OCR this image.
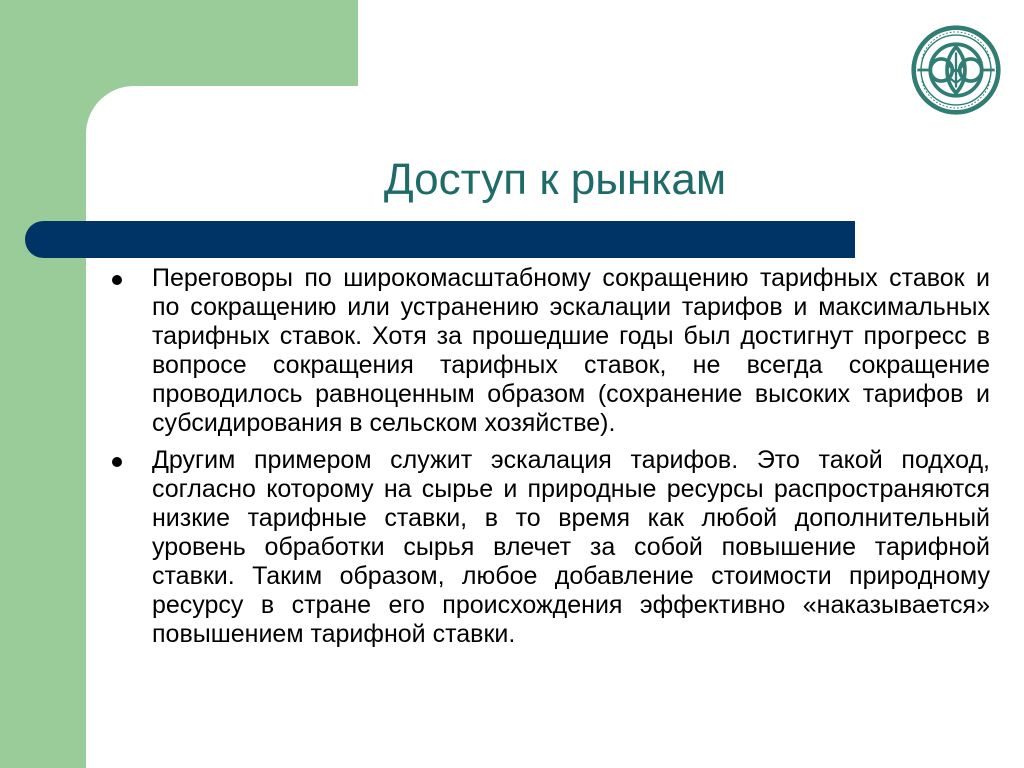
Доступ к рынкам
Переговоры по широкомасштабному сокращению тарифных ставок и по сокращению или устранению эскалации тарифов и максимальных тарифных ставок. Хотя за прошедшие годы был достигнут прогресс в вопросе сокращения тарифных ставок, не всегда сокращение проводилось равноценным образом (сохранение высоких тарифов и субсидирования в сельском хозяйстве).
Другим примером служит эскалация тарифов. Это такой подход, согласно которому на сырье и природные ресурсы распространяются низкие тарифные ставки, в то время как любой дополнительный уровень обработки сырья влечет за собой повышение тарифной ставки. Таким образом, любое добавление стоимости природному ресурсу в стране его происхождения эффективно «наказывается» повышением тарифной ставки.
